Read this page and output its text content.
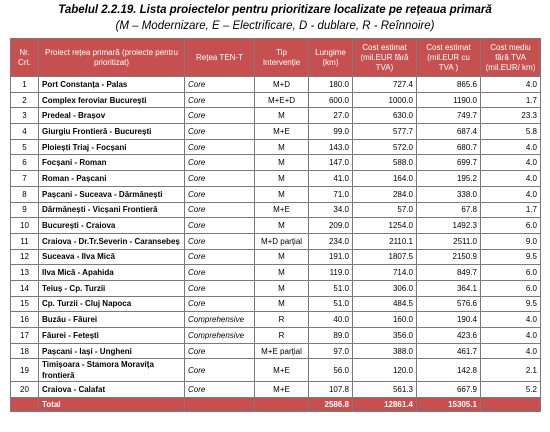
Tabelul 2.2.19. Lista proiectelor pentru prioritizare localizate pe rețeaua primară
(M – Modernizare, E – Electrificare, D - dublare, R - Reînnoire)
Nr. Crt.	Proiect rețea primară (proiecte pentru prioritizat)	Rețea TEN-T	Tip Intervenție	Lungime (km)	Cost estimat (mil.EUR fără TVA)	Cost estimat (mil.EUR cu TVA )	Cost mediu fără TVA (mil.EUR/ km)
1	Port Constanța - Palas	Core	M+D	180.0	727.4	865.6	4.0
2	Complex feroviar București	Core	M+E+D	600.0	1000.0	1190.0	1.7
3	Predeal - Brașov	Core	M	27.0	630.0	749.7	23.3
4	Giurgiu Frontieră - București	Core	M+E	99.0	577.7	687.4	5.8
5	Ploiești Triaj - Focșani	Core	M	143.0	572.0	680.7	4.0
6	Focșani - Roman	Core	M	147.0	588.0	699.7	4.0
7	Roman - Pașcani	Core	M	41.0	164.0	195.2	4.0
8	Pașcani - Suceava - Dărmănești	Core	M	71.0	284.0	338.0	4.0
9	Dărmănești - Vicșani Frontieră	Core	M+E	34.0	57.0	67.8	1.7
10	București - Craiova	Core	M	209.0	1254.0	1492.3	6.0
11	Craiova - Dr.Tr.Severin - Caransebeș	Core	M+D parțial	234.0	2110.1	2511.0	9.0
12	Suceava - Ilva Mică	Core	M	191.0	1807.5	2150.9	9.5
13	Ilva Mică - Apahida	Core	M	119.0	714.0	849.7	6.0
14	Teiuș - Cp. Turzii	Core	M	51.0	306.0	364.1	6.0
15	Cp. Turzii - Cluj Napoca	Core	M	51.0	484.5	576.6	9.5
16	Buzău - Făurei	Comprehensive	R	40.0	160.0	190.4	4.0
17	Făurei - Fetești	Comprehensive	R	89.0	356.0	423.6	4.0
18	Pașcani - Iași - Ungheni	Core	M+E parțial	97.0	388.0	461.7	4.0
19	Timișoara - Stamora Moravița frontieră	Core	M+E	56.0	120.0	142.8	2.1
20	Craiova - Calafat	Core	M+E	107.8	561.3	667.9	5.2
	Total			2586.8	12861.4	15305.1	
